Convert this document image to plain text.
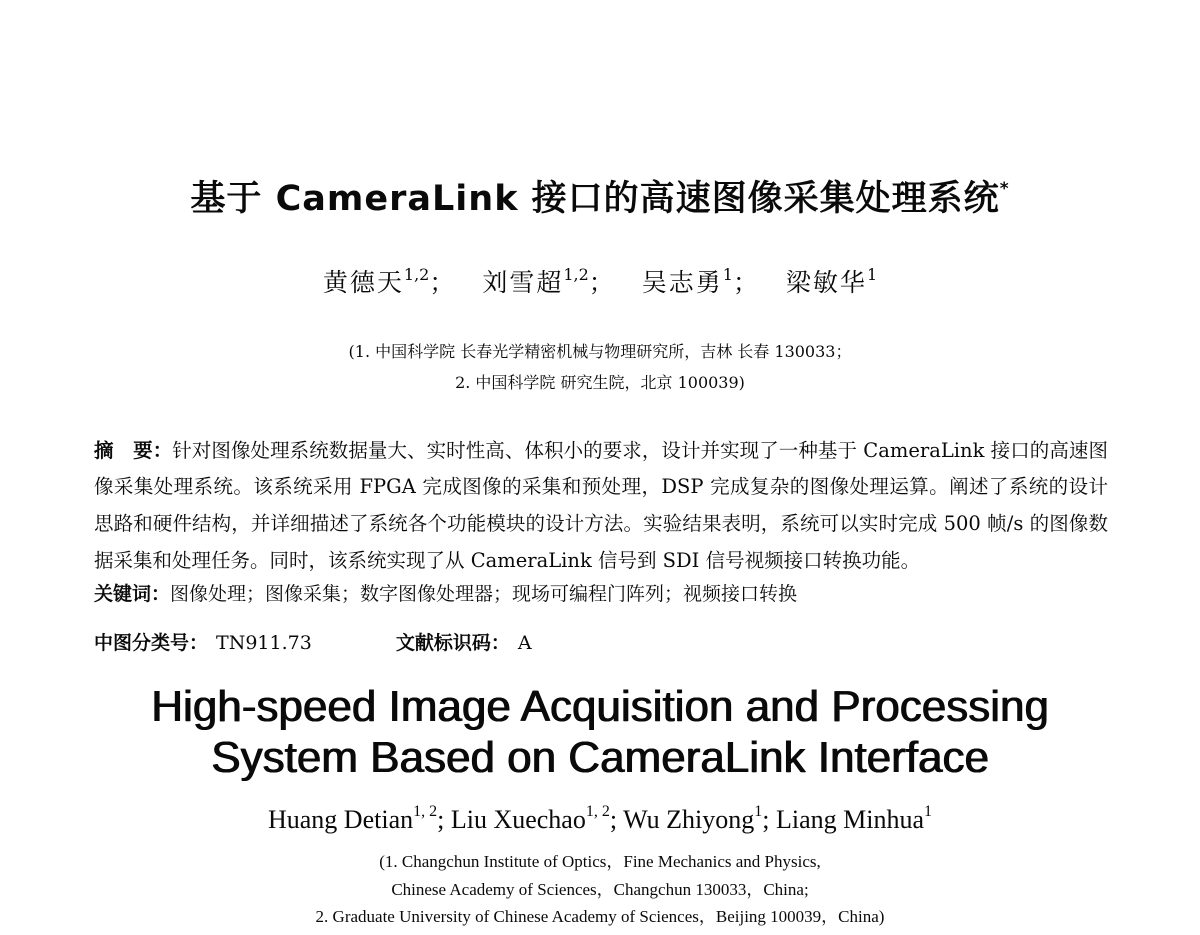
基于 CameraLink 接口的高速图像采集处理系统*
黄德天$^{1,2}$； 刘雪超$^{1,2}$； 吴志勇$^1$； 梁敏华$^1$
(1. 中国科学院 长春光学精密机械与物理研究所，吉林 长春 130033；
2. 中国科学院 研究生院，北京 100039)

摘　要：针对图像处理系统数据量大、实时性高、体积小的要求，设计并实现了一种基于 CameraLink 接口的高速图像采集处理系统。该系统采用 FPGA 完成图像的采集和预处理，DSP 完成复杂的图像处理运算。阐述了系统的设计思路和硬件结构，并详细描述了系统各个功能模块的设计方法。实验结果表明，系统可以实时完成 500 帧/s 的图像数据采集和处理任务。同时，该系统实现了从 CameraLink 信号到 SDI 信号视频接口转换功能。

关键词：图像处理；图像采集；数字图像处理器；现场可编程门阵列；视频接口转换
中图分类号： TN911.73	文献标识码： A
High-speed Image Acquisition and Processing
System Based on CameraLink Interface
Huang Detian$^{1, 2}$; Liu Xuechao$^{1, 2}$; Wu Zhiyong$^1$; Liang Minhua$^1$
(1. Changchun Institute of Optics，Fine Mechanics and Physics,
Chinese Academy of Sciences，Changchun 130033，China;
2. Graduate University of Chinese Academy of Sciences，Beijing 100039，China)
